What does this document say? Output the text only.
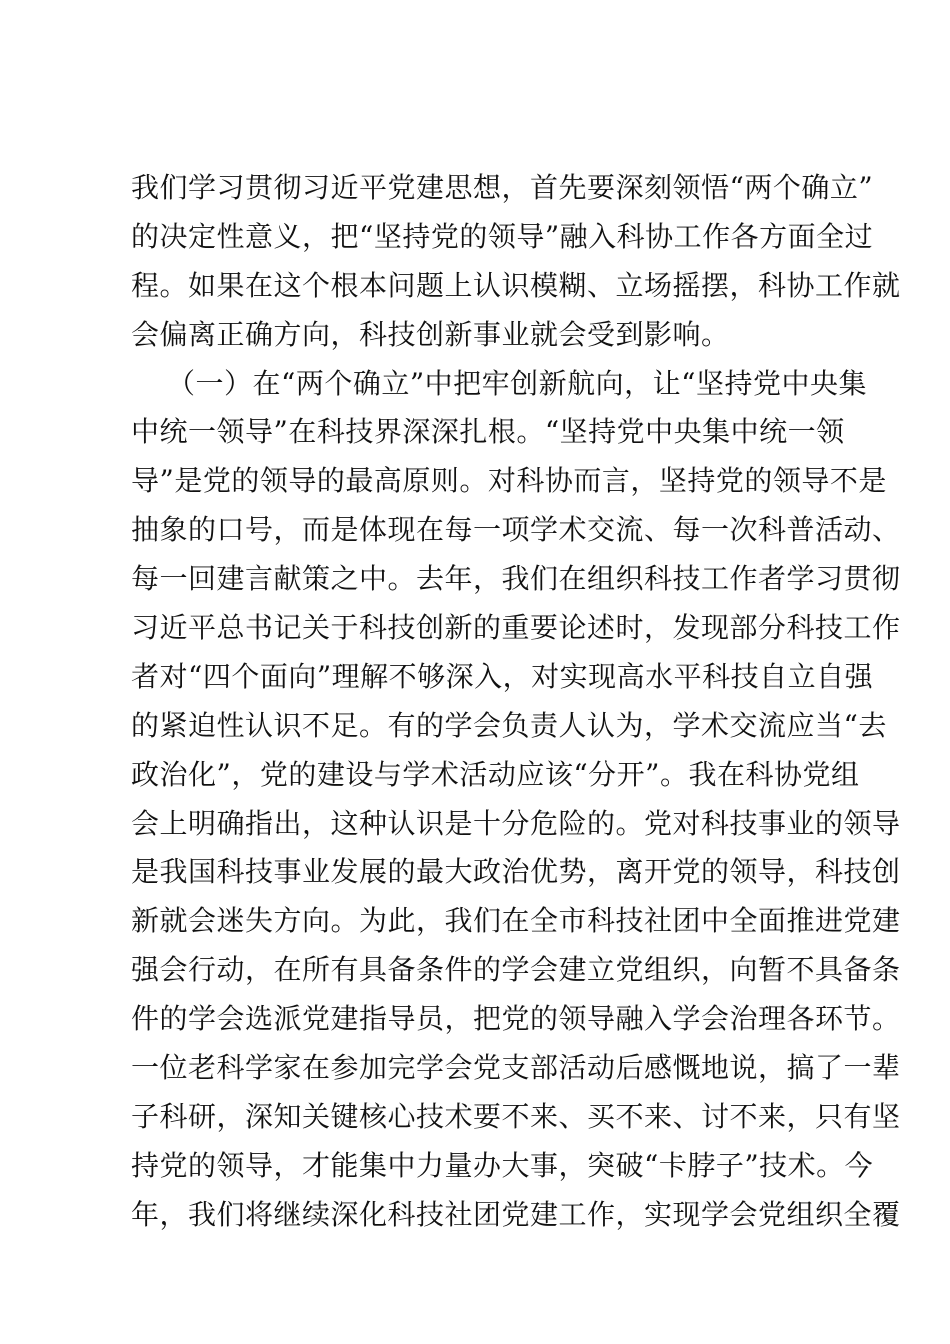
我们学习贯彻习近平党建思想，首先要深刻领悟“两个确立”
的决定性意义，把“坚持党的领导”融入科协工作各方面全过
程。如果在这个根本问题上认识模糊、立场摇摆，科协工作就
会偏离正确方向，科技创新事业就会受到影响。
（一）在“两个确立”中把牢创新航向，让“坚持党中央集
中统一领导”在科技界深深扎根。“坚持党中央集中统一领
导”是党的领导的最高原则。对科协而言，坚持党的领导不是
抽象的口号，而是体现在每一项学术交流、每一次科普活动、
每一回建言献策之中。去年，我们在组织科技工作者学习贯彻
习近平总书记关于科技创新的重要论述时，发现部分科技工作
者对“四个面向”理解不够深入，对实现高水平科技自立自强
的紧迫性认识不足。有的学会负责人认为，学术交流应当“去
政治化”，党的建设与学术活动应该“分开”。我在科协党组
会上明确指出，这种认识是十分危险的。党对科技事业的领导
是我国科技事业发展的最大政治优势，离开党的领导，科技创
新就会迷失方向。为此，我们在全市科技社团中全面推进党建
强会行动，在所有具备条件的学会建立党组织，向暂不具备条
件的学会选派党建指导员，把党的领导融入学会治理各环节。
一位老科学家在参加完学会党支部活动后感慨地说，搞了一辈
子科研，深知关键核心技术要不来、买不来、讨不来，只有坚
持党的领导，才能集中力量办大事，突破“卡脖子”技术。今
年，我们将继续深化科技社团党建工作，实现学会党组织全覆
